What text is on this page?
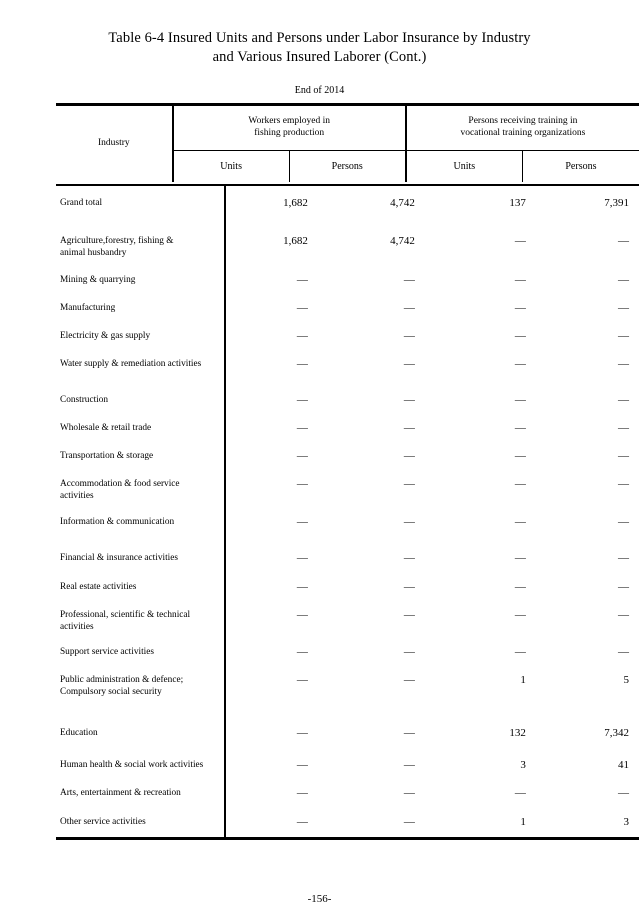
Table 6-4 Insured Units and Persons under Labor Insurance by Industry
and Various Insured Laborer (Cont.)
End of 2014
Industry	
Workers employed in
fishing production

Persons receiving training in
vocational training organizations

	Units	Persons	Units	Persons
Grand total	1,682	4,742	137	7,391
Agriculture,forestry, fishing &
animal husbandry
1,682	4,742	—	—
Mining & quarrying	—	—	—	—
Manufacturing	—	—	—	—
Electricity & gas supply	—	—	—	—
Water supply & remediation activities	—	—	—	—
Construction	—	—	—	—
Wholesale & retail trade	—	—	—	—
Transportation & storage	—	—	—	—
Accommodation & food service
activities
—	—	—	—
Information & communication	—	—	—	—
Financial & insurance activities	—	—	—	—
Real estate activities	—	—	—	—
Professional, scientific & technical
activities
—	—	—	—
Support service activities	—	—	—	—
Public administration & defence;
Compulsory social security
—	—	1	5
Education	—	—	132	7,342
Human health & social work activities	—	—	3	41
Arts, entertainment & recreation	—	—	—	—
Other service activities	—	—	1	3
-156-
